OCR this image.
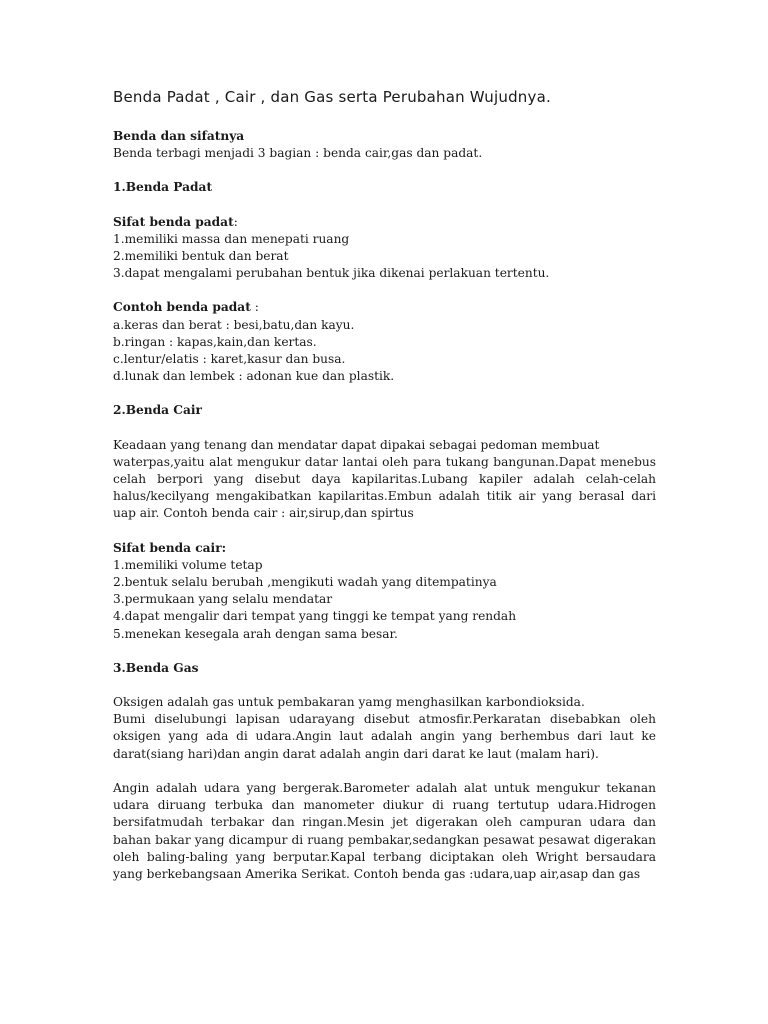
Benda Padat , Cair , dan Gas serta Perubahan Wujudnya.
Benda dan sifatnya
Benda terbagi menjadi 3 bagian : benda cair,gas dan padat.
1.Benda Padat
Sifat benda padat:
1.memiliki massa dan menepati ruang
2.memiliki bentuk dan berat
3.dapat mengalami perubahan bentuk jika dikenai perlakuan tertentu.
Contoh benda padat :
a.keras dan berat : besi,batu,dan kayu.
b.ringan : kapas,kain,dan kertas.
c.lentur/elatis : karet,kasur dan busa.
d.lunak dan lembek : adonan kue dan plastik.
2.Benda Cair
Keadaan yang tenang dan mendatar dapat dipakai sebagai pedoman membuat
waterpas,yaitu alat mengukur datar lantai oleh para tukang bangunan.Dapat menebus celah berpori yang disebut daya kapilaritas.Lubang kapiler adalah celah-celah halus/kecilyang mengakibatkan kapilaritas.Embun adalah titik air yang berasal dari uap air. Contoh benda cair : air,sirup,dan spirtus
Sifat benda cair:
1.memiliki volume tetap
2.bentuk selalu berubah ,mengikuti wadah yang ditempatinya
3.permukaan yang selalu mendatar
4.dapat mengalir dari tempat yang tinggi ke tempat yang rendah
5.menekan kesegala arah dengan sama besar.
3.Benda Gas
Oksigen adalah gas untuk pembakaran yamg menghasilkan karbondioksida.
Bumi diselubungi lapisan udarayang disebut atmosfir.Perkaratan disebabkan oleh oksigen yang ada di udara.Angin laut adalah angin yang berhembus dari laut ke darat(siang hari)dan angin darat adalah angin dari darat ke laut (malam hari).
Angin adalah udara yang bergerak.Barometer adalah alat untuk mengukur tekanan udara diruang terbuka dan manometer diukur di ruang tertutup udara.Hidrogen bersifatmudah terbakar dan ringan.Mesin jet digerakan oleh campuran udara dan bahan bakar yang dicampur di ruang pembakar,sedangkan pesawat pesawat digerakan oleh baling-baling yang berputar.Kapal terbang diciptakan oleh Wright bersaudara yang berkebangsaan Amerika Serikat. Contoh benda gas :udara,uap air,asap dan gas
